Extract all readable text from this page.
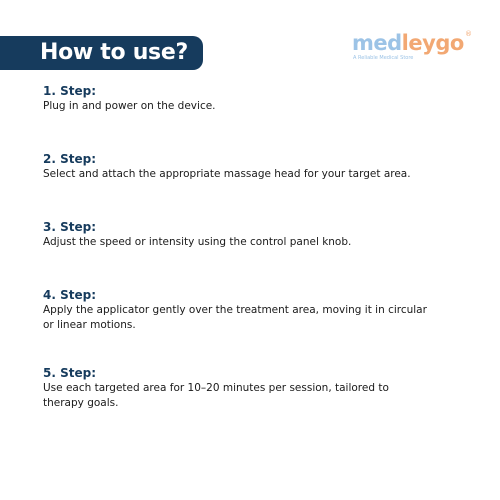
How to use?	medleygo ®
A Reliable Medical Store
1. Step:
Plug in and power on the device.
2. Step:
Select and attach the appropriate massage head for your target area.
3. Step:
Adjust the speed or intensity using the control panel knob.
4. Step:
Apply the applicator gently over the treatment area, moving it in circular or linear motions.
5. Step:
Use each targeted area for 10–20 minutes per session, tailored to therapy goals.
